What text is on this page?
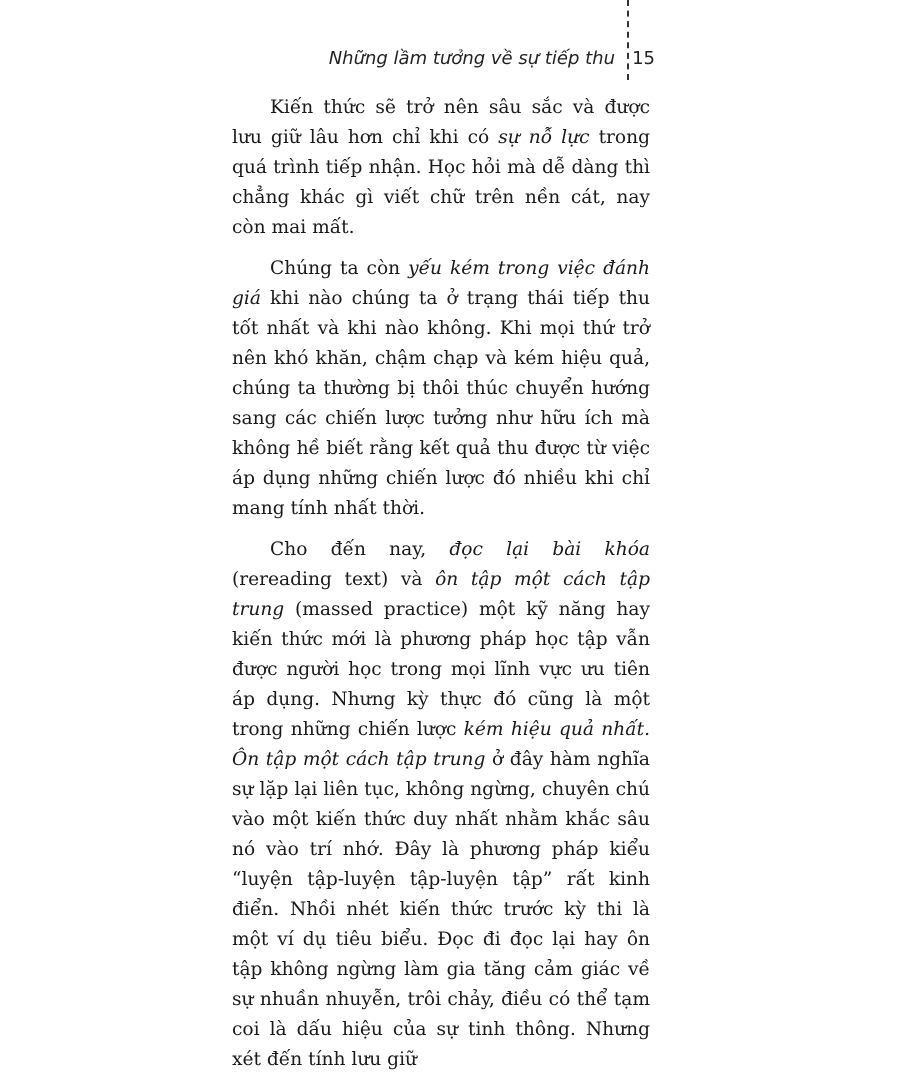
Những lầm tưởng về sự tiếp thu 15

Kiến thức sẽ trở nên sâu sắc và được lưu giữ lâu hơn chỉ khi có sự nỗ lực trong quá trình tiếp nhận. Học hỏi mà dễ dàng thì chẳng khác gì viết chữ trên nền cát, nay còn mai mất.

Chúng ta còn yếu kém trong việc đánh giá khi nào chúng ta ở trạng thái tiếp thu tốt nhất và khi nào không. Khi mọi thứ trở nên khó khăn, chậm chạp và kém hiệu quả, chúng ta thường bị thôi thúc chuyển hướng sang các chiến lược tưởng như hữu ích mà không hề biết rằng kết quả thu được từ việc áp dụng những chiến lược đó nhiều khi chỉ mang tính nhất thời.

Cho đến nay, đọc lại bài khóa (rereading text) và ôn tập một cách tập trung (massed practice) một kỹ năng hay kiến thức mới là phương pháp học tập vẫn được người học trong mọi lĩnh vực ưu tiên áp dụng. Nhưng kỳ thực đó cũng là một trong những chiến lược kém hiệu quả nhất. Ôn tập một cách tập trung ở đây hàm nghĩa sự lặp lại liên tục, không ngừng, chuyên chú vào một kiến thức duy nhất nhằm khắc sâu nó vào trí nhớ. Đây là phương pháp kiểu “luyện tập-luyện tập-luyện tập” rất kinh điển. Nhồi nhét kiến thức trước kỳ thi là một ví dụ tiêu biểu. Đọc đi đọc lại hay ôn tập không ngừng làm gia tăng cảm giác về sự nhuần nhuyễn, trôi chảy, điều có thể tạm coi là dấu hiệu của sự tinh thông. Nhưng xét đến tính lưu giữ
